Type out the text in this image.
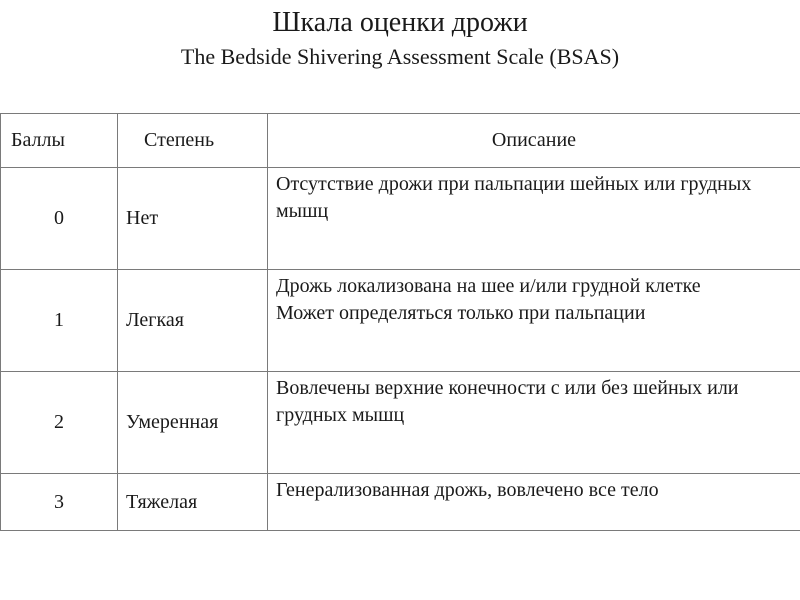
Шкала оценки дрожи
The Bedside Shivering Assessment Scale (BSAS)
Баллы	Степень	Описание
0	Нет	Отсутствие дрожи при пальпации шейных или грудных мышц

1	Легкая	Дрожь локализована на шее и/или грудной клетке
Может определяться только при пальпации

2	Умеренная	Вовлечены верхние конечности с или без шейных или грудных мышц

3	Тяжелая	Генерализованная дрожь, вовлечено все тело
